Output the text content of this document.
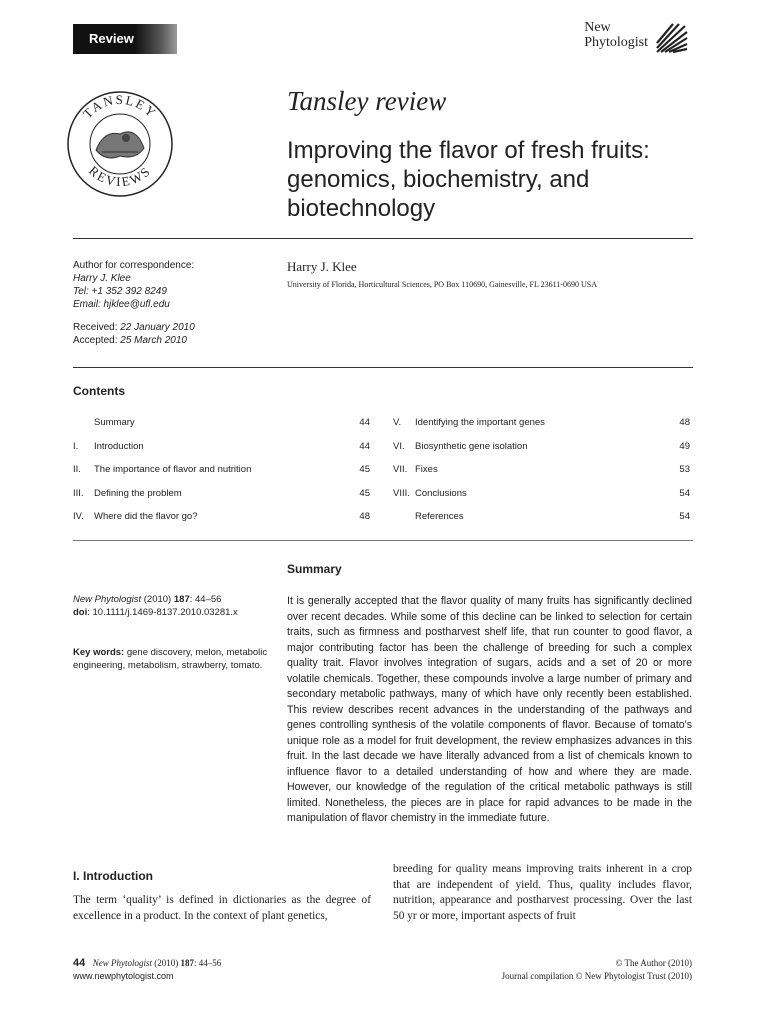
Review
New
Phytologist
TANSLEY
REVIEWS
Tansley review
Improving the flavor of fresh fruits: genomics, biochemistry, and biotechnology
Author for correspondence:
Harry J. Klee
Tel: +1 352 392 8249
Email: hjklee@ufl.edu
Received: 22 January 2010
Accepted: 25 March 2010
Harry J. Klee
University of Florida, Horticultural Sciences, PO Box 110690, Gainesville, FL 23611-0690 USA
Contents
Summary	44
I. Introduction	44
II. The importance of flavor and nutrition	45
III. Defining the problem	45
IV. Where did the flavor go?	48
V. Identifying the important genes	48
VI. Biosynthetic gene isolation	49
VII. Fixes	53
VIII. Conclusions	54
References	54
New Phytologist (2010) 187: 44–56
doi: 10.1111/j.1469-8137.2010.03281.x
Key words: gene discovery, melon, metabolic engineering, metabolism, strawberry, tomato.
Summary
It is generally accepted that the flavor quality of many fruits has significantly declined over recent decades. While some of this decline can be linked to selection for certain traits, such as firmness and postharvest shelf life, that run counter to good flavor, a major contributing factor has been the challenge of breeding for such a complex quality trait. Flavor involves integration of sugars, acids and a set of 20 or more volatile chemicals. Together, these compounds involve a large number of primary and secondary metabolic pathways, many of which have only recently been established. This review describes recent advances in the understanding of the pathways and genes controlling synthesis of the volatile components of flavor. Because of tomato's unique role as a model for fruit development, the review emphasizes advances in this fruit. In the last decade we have literally advanced from a list of chemicals known to influence flavor to a detailed understanding of how and where they are made. However, our knowledge of the regulation of the critical metabolic pathways is still limited. Nonetheless, the pieces are in place for rapid advances to be made in the manipulation of flavor chemistry in the immediate future.
I. Introduction
The term ‘quality’ is defined in dictionaries as the degree of excellence in a product. In the context of plant genetics,
breeding for quality means improving traits inherent in a crop that are independent of yield. Thus, quality includes flavor, nutrition, appearance and postharvest processing. Over the last 50 yr or more, important aspects of fruit
44 New Phytologist (2010) 187: 44–56
www.newphytologist.com
© The Author (2010)
Journal compilation © New Phytologist Trust (2010)
